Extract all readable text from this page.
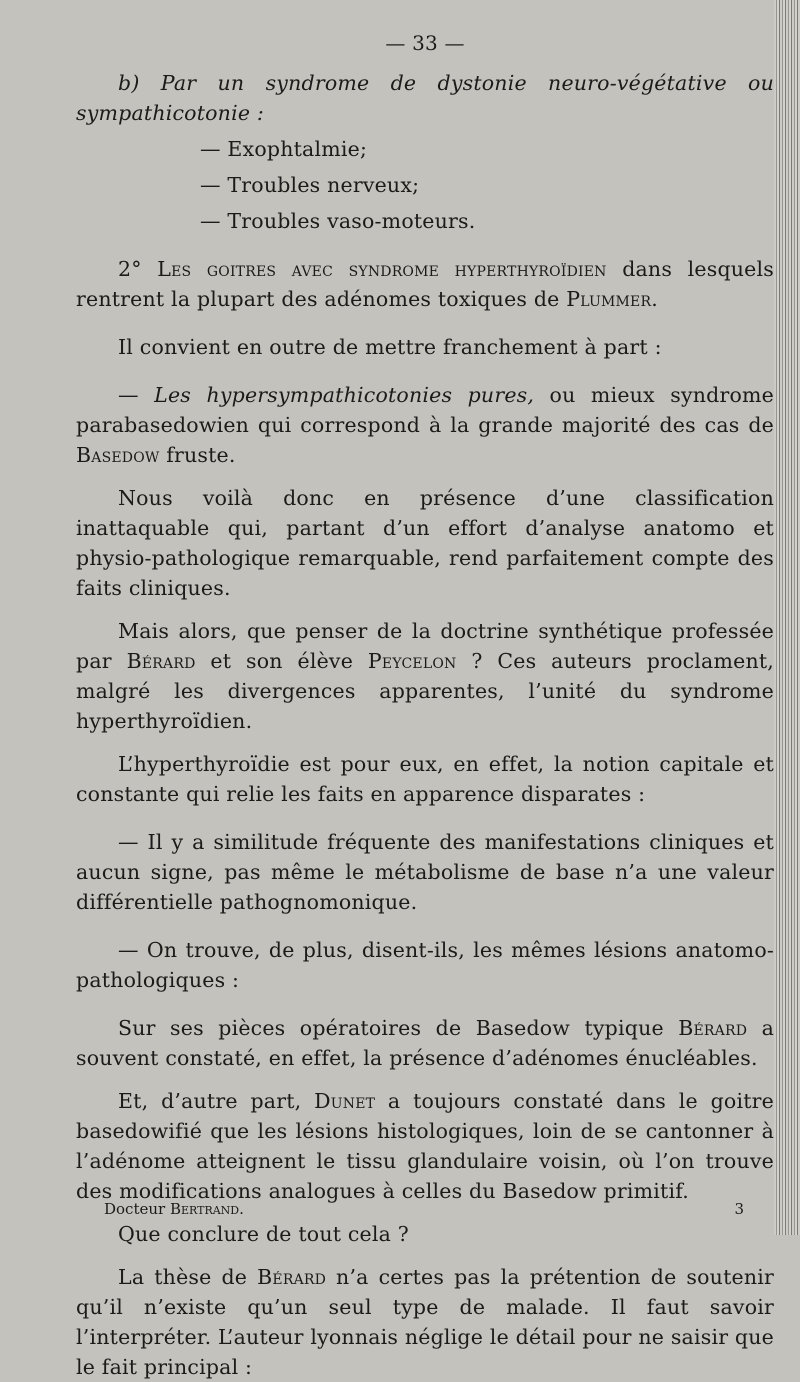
— 33 —

b) Par un syndrome de dystonie neuro-végétative ou sympathicotonie :

— Exophtalmie;

— Troubles nerveux;

— Troubles vaso-moteurs.

2° Les goitres avec syndrome hyperthyroïdien dans lesquels rentrent la plupart des adénomes toxiques de Plummer.

Il convient en outre de mettre franchement à part :

— Les hypersympathicotonies pures, ou mieux syndrome parabasedowien qui correspond à la grande majorité des cas de Basedow fruste.

Nous voilà donc en présence d’une classification inattaquable qui, partant d’un effort d’analyse anatomo et physio-pathologique remarquable, rend parfaitement compte des faits cliniques.

Mais alors, que penser de la doctrine synthétique professée par Bérard et son élève Peycelon ? Ces auteurs proclament, malgré les divergences apparentes, l’unité du syndrome hyperthyroïdien.

L’hyperthyroïdie est pour eux, en effet, la notion capitale et constante qui relie les faits en apparence disparates :

— Il y a similitude fréquente des manifestations cliniques et aucun signe, pas même le métabolisme de base n’a une valeur différentielle pathognomonique.

— On trouve, de plus, disent-ils, les mêmes lésions anatomo-pathologiques :

Sur ses pièces opératoires de Basedow typique Bérard a souvent constaté, en effet, la présence d’adénomes énucléables.

Et, d’autre part, Dunet a toujours constaté dans le goitre basedowifié que les lésions histologiques, loin de se cantonner à l’adénome atteignent le tissu glandulaire voisin, où l’on trouve des modifications analogues à celles du Basedow primitif.

Que conclure de tout cela ?

La thèse de Bérard n’a certes pas la prétention de soutenir qu’il n’existe qu’un seul type de malade. Il faut savoir l’interpréter. L’auteur lyonnais néglige le détail pour ne saisir que le fait principal :

Docteur Bertrand.	3
